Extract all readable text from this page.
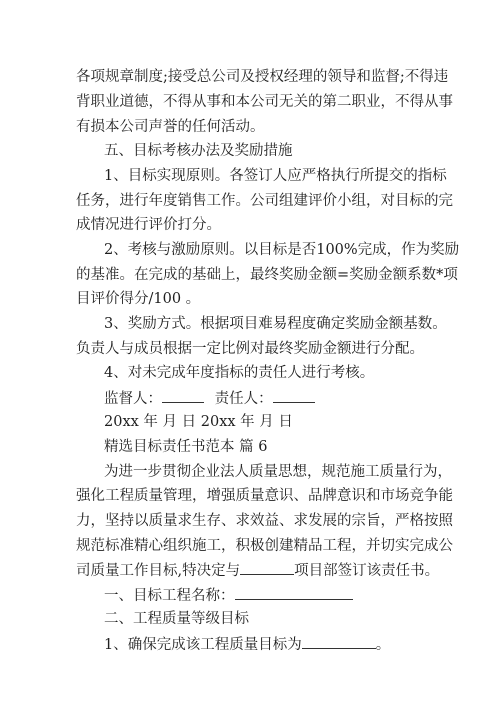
各项规章制度;接受总公司及授权经理的领导和监督;不得违
背职业道德，不得从事和本公司无关的第二职业，不得从事
有损本公司声誉的任何活动。
五、目标考核办法及奖励措施
1、目标实现原则。各签订人应严格执行所提交的指标
任务，进行年度销售工作。公司组建评价小组，对目标的完
成情况进行评价打分。
2、考核与激励原则。以目标是否100%完成，作为奖励
的基准。在完成的基础上，最终奖励金额=奖励金额系数*项
目评价得分/100 。
3、奖励方式。根据项目难易程度确定奖励金额基数。
负责人与成员根据一定比例对最终奖励金额进行分配。
4、对未完成年度指标的责任人进行考核。
监督人：	责任人：
20xx 年 月 日 20xx 年 月 日
精选目标责任书范本 篇 6
为进一步贯彻企业法人质量思想，规范施工质量行为，
强化工程质量管理，增强质量意识、品牌意识和市场竞争能
力，坚持以质量求生存、求效益、求发展的宗旨，严格按照
规范标准精心组织施工，积极创建精品工程，并切实完成公
司质量工作目标,特决定与	项目部签订该责任书。
一、目标工程名称：
二、工程质量等级目标
1、确保完成该工程质量目标为	。
